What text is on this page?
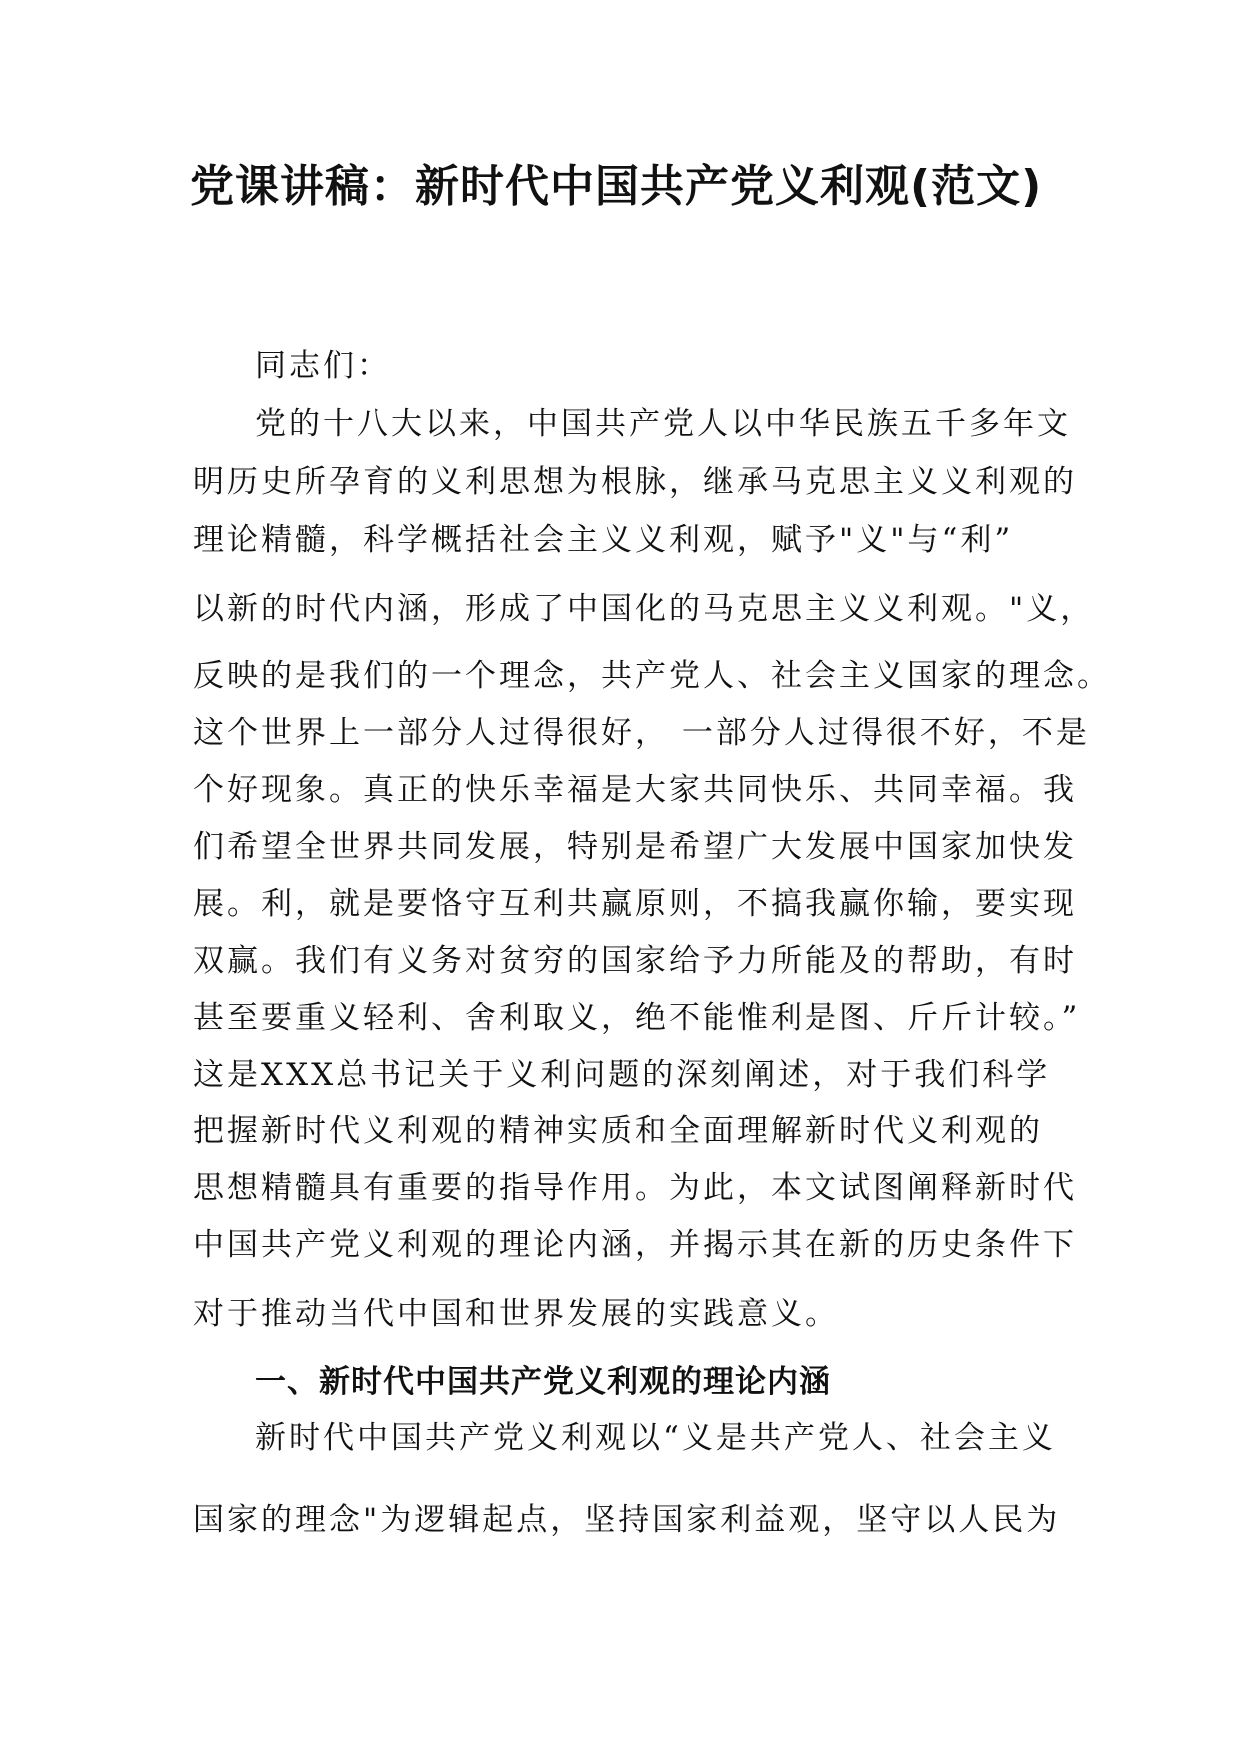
党课讲稿：新时代中国共产党义利观(范文)
同志们：
党的十八大以来，中国共产党人以中华民族五千多年文
明历史所孕育的义利思想为根脉，继承马克思主义义利观的
理论精髓，科学概括社会主义义利观，赋予"义"与“利”
以新的时代内涵，形成了中国化的马克思主义义利观。"义，
反映的是我们的一个理念，共产党人、社会主义国家的理念。
这个世界上一部分人过得很好， 一部分人过得很不好，不是
个好现象。真正的快乐幸福是大家共同快乐、共同幸福。我
们希望全世界共同发展，特别是希望广大发展中国家加快发
展。利，就是要恪守互利共赢原则，不搞我赢你输，要实现
双赢。我们有义务对贫穷的国家给予力所能及的帮助，有时
甚至要重义轻利、舍利取义，绝不能惟利是图、斤斤计较。”
这是XXX总书记关于义利问题的深刻阐述，对于我们科学
把握新时代义利观的精神实质和全面理解新时代义利观的
思想精髓具有重要的指导作用。为此，本文试图阐释新时代
中国共产党义利观的理论内涵，并揭示其在新的历史条件下
对于推动当代中国和世界发展的实践意义。
一、新时代中国共产党义利观的理论内涵
新时代中国共产党义利观以“义是共产党人、社会主义
国家的理念"为逻辑起点，坚持国家利益观，坚守以人民为
